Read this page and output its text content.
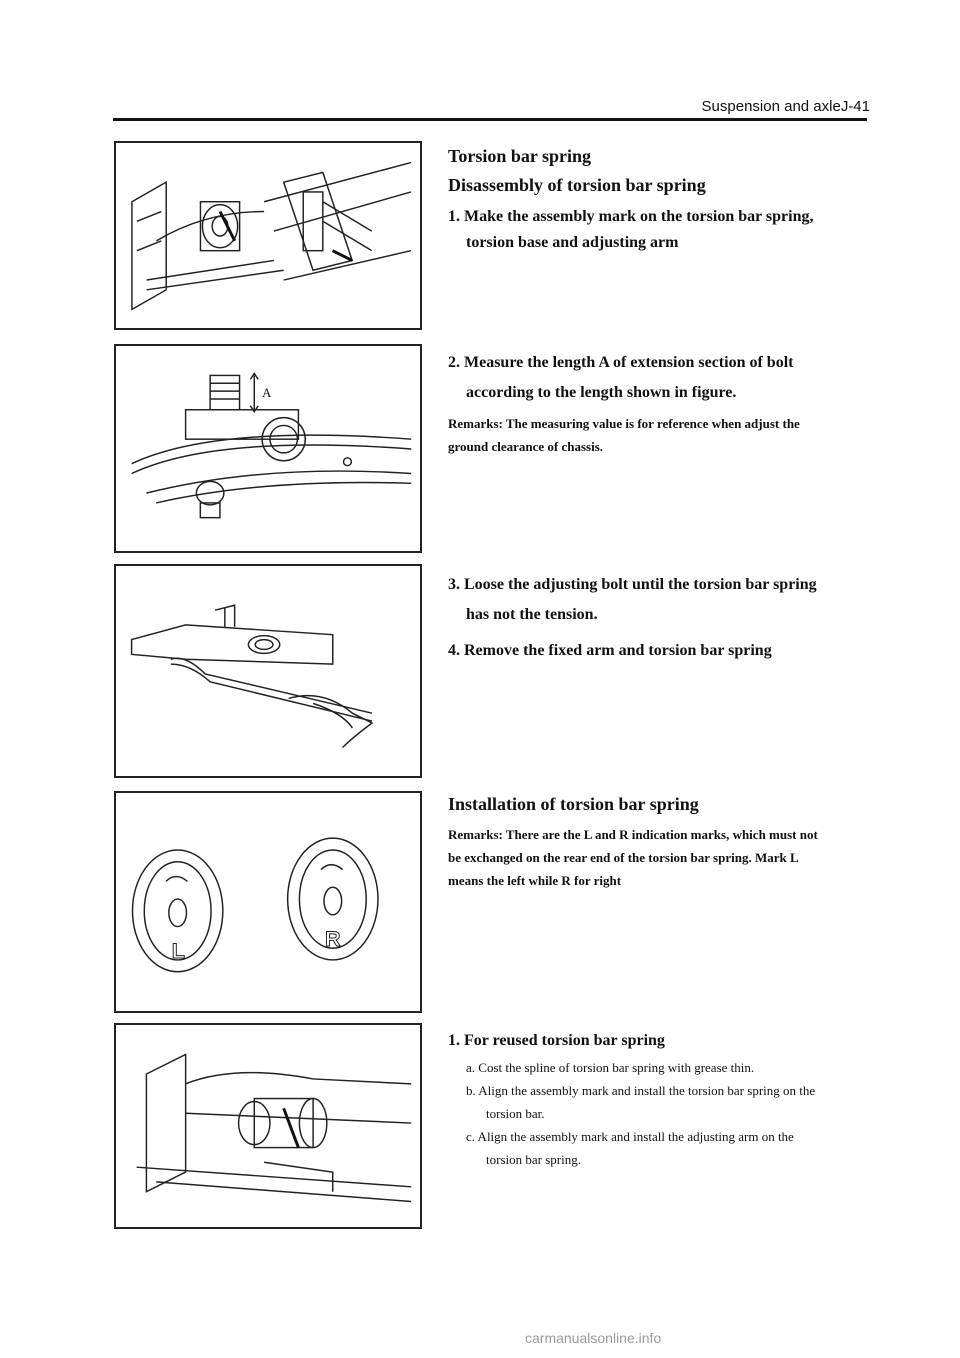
Suspension and axleJ-41

Torsion bar spring

Disassembly of torsion bar spring

1. Make the assembly mark on the torsion bar spring,

torsion base and adjusting arm

A

2. Measure the length A of extension section of bolt

according to the length shown in figure.

Remarks: The measuring value is for reference when adjust the

ground clearance of chassis.

3. Loose the adjusting bolt until the torsion bar spring

has not the tension.

4. Remove the fixed arm and torsion bar spring

L	R

Installation of torsion bar spring

Remarks: There are the L and R indication marks, which must not

be exchanged on the rear end of the torsion bar spring. Mark L

means the left while R for right

1. For reused torsion bar spring

a. Cost the spline of torsion bar spring with grease thin.

b. Align the assembly mark and install the torsion bar spring on the

torsion bar.

c. Align the assembly mark and install the adjusting arm on the

torsion bar spring.

carmanualsonline.info
